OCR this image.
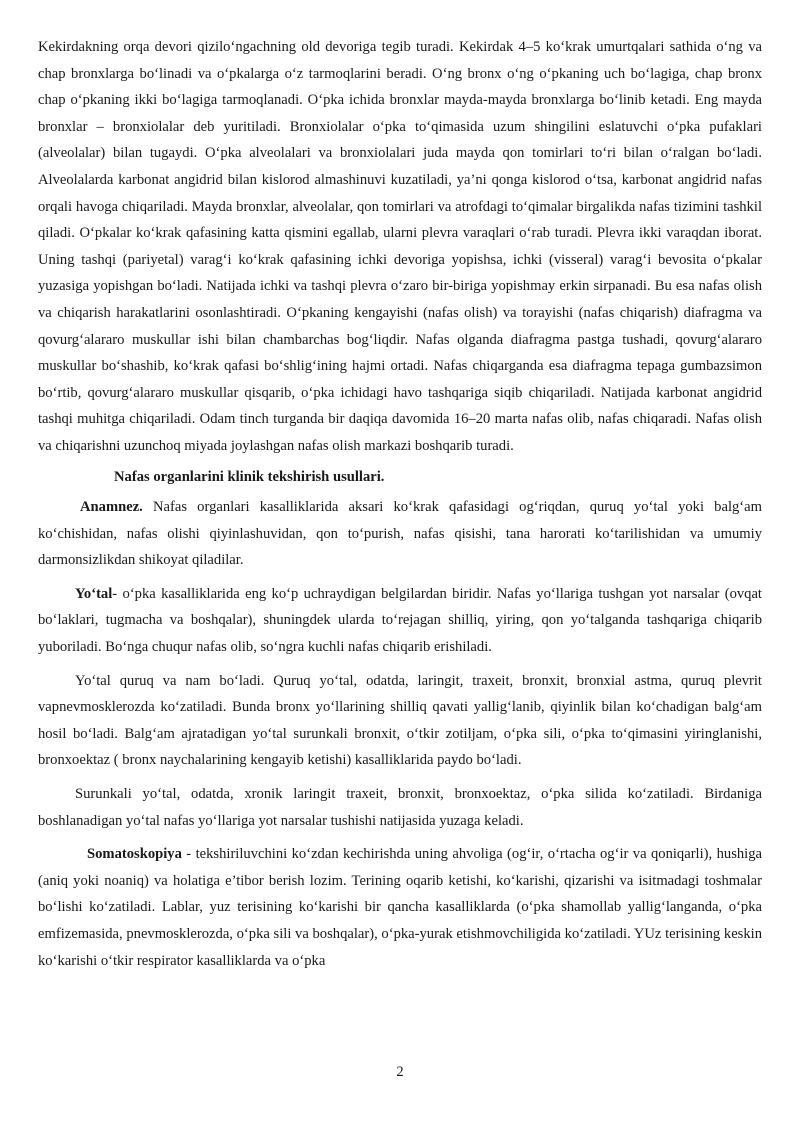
Kekirdakning orqa devori qizilo‘ngachning old devoriga tegib turadi. Kekirdak 4–5 ko‘krak umurtqalari sathida o‘ng va chap bronxlarga bo‘linadi va o‘pkalarga o‘z tarmoqlarini beradi. O‘ng bronx o‘ng o‘pkaning uch bo‘lagiga, chap bronx chap o‘pkaning ikki bo‘lagiga tarmoqlanadi. O‘pka ichida bronxlar mayda-mayda bronxlarga bo‘linib ketadi. Eng mayda bronxlar – bronxiolalar deb yuritiladi. Bronxiolalar o‘pka to‘qimasida uzum shingilini eslatuvchi o‘pka pufaklari (alveolalar) bilan tugaydi. O‘pka alveolalari va bronxiolalari juda mayda qon tomirlari to‘ri bilan o‘ralgan bo‘ladi. Alveolalarda karbonat angidrid bilan kislorod almashinuvi kuzatiladi, ya’ni qonga kislorod o‘tsa, karbonat angidrid nafas orqali havoga chiqariladi. Mayda bronxlar, alveolalar, qon tomirlari va atrofdagi to‘qimalar birgalikda nafas tizimini tashkil qiladi. O‘pkalar ko‘krak qafasining katta qismini egallab, ularni plevra varaqlari o‘rab turadi. Plevra ikki varaqdan iborat. Uning tashqi (pariyetal) varag‘i ko‘krak qafasining ichki devoriga yopishsa, ichki (visseral) varag‘i bevosita o‘pkalar yuzasiga yopishgan bo‘ladi. Natijada ichki va tashqi plevra o‘zaro bir-biriga yopishmay erkin sirpanadi. Bu esa nafas olish va chiqarish harakatlarini osonlashtiradi. O‘pkaning kengayishi (nafas olish) va torayishi (nafas chiqarish) diafragma va qovurg‘alararo muskullar ishi bilan chambarchas bog‘liqdir. Nafas olganda diafragma pastga tushadi, qovurg‘alararo muskullar bo‘shashib, ko‘krak qafasi bo‘shlig‘ining hajmi ortadi. Nafas chiqarganda esa diafragma tepaga gumbazsimon bo‘rtib, qovurg‘alararo muskullar qisqarib, o‘pka ichidagi havo tashqariga siqib chiqariladi. Natijada karbonat angidrid tashqi muhitga chiqariladi. Odam tinch turganda bir daqiqa davomida 16–20 marta nafas olib, nafas chiqaradi. Nafas olish va chiqarishni uzunchoq miyada joylashgan nafas olish markazi boshqarib turadi.

Nafas organlarini klinik tekshirish usullari.

Anamnez. Nafas organlari kasalliklarida aksari ko‘krak qafasidagi og‘riqdan, quruq yo‘tal yoki balg‘am ko‘chishidan, nafas olishi qiyinlashuvidan, qon to‘purish, nafas qisishi, tana harorati ko‘tarilishidan va umumiy darmonsizlikdan shikoyat qiladilar.

Yo‘tal- o‘pka kasalliklarida eng ko‘p uchraydigan belgilardan biridir. Nafas yo‘llariga tushgan yot narsalar (ovqat bo‘laklari, tugmacha va boshqalar), shuningdek ularda to‘rejagan shilliq, yiring, qon yo‘talganda tashqariga chiqarib yuboriladi. Bo‘nga chuqur nafas olib, so‘ngra kuchli nafas chiqarib erishiladi.

Yo‘tal quruq va nam bo‘ladi. Quruq yo‘tal, odatda, laringit, traxeit, bronxit, bronxial astma, quruq plevrit vapnevmosklerozda ko‘zatiladi. Bunda bronx yo‘llarining shilliq qavati yallig‘lanib, qiyinlik bilan ko‘chadigan balg‘am hosil bo‘ladi. Balg‘am ajratadigan yo‘tal surunkali bronxit, o‘tkir zotiljam, o‘pka sili, o‘pka to‘qimasini yiringlanishi, bronxoektaz ( bronx naychalarining kengayib ketishi) kasalliklarida paydo bo‘ladi.

Surunkali yo‘tal, odatda, xronik laringit traxeit, bronxit, bronxoektaz, o‘pka silida ko‘zatiladi. Birdaniga boshlanadigan yo‘tal nafas yo‘llariga yot narsalar tushishi natijasida yuzaga keladi.

Somatoskopiya - tekshiriluvchini ko‘zdan kechirishda uning ahvoliga (og‘ir, o‘rtacha og‘ir va qoniqarli), hushiga (aniq yoki noaniq) va holatiga e’tibor berish lozim. Terining oqarib ketishi, ko‘karishi, qizarishi va isitmadagi toshmalar bo‘lishi ko‘zatiladi. Lablar, yuz terisining ko‘karishi bir qancha kasalliklarda (o‘pka shamollab yallig‘langanda, o‘pka emfizemasida, pnevmosklerozda, o‘pka sili va boshqalar), o‘pka-yurak etishmovchiligida ko‘zatiladi. YUz terisining keskin ko‘karishi o‘tkir respirator kasalliklarda va o‘pka

2
